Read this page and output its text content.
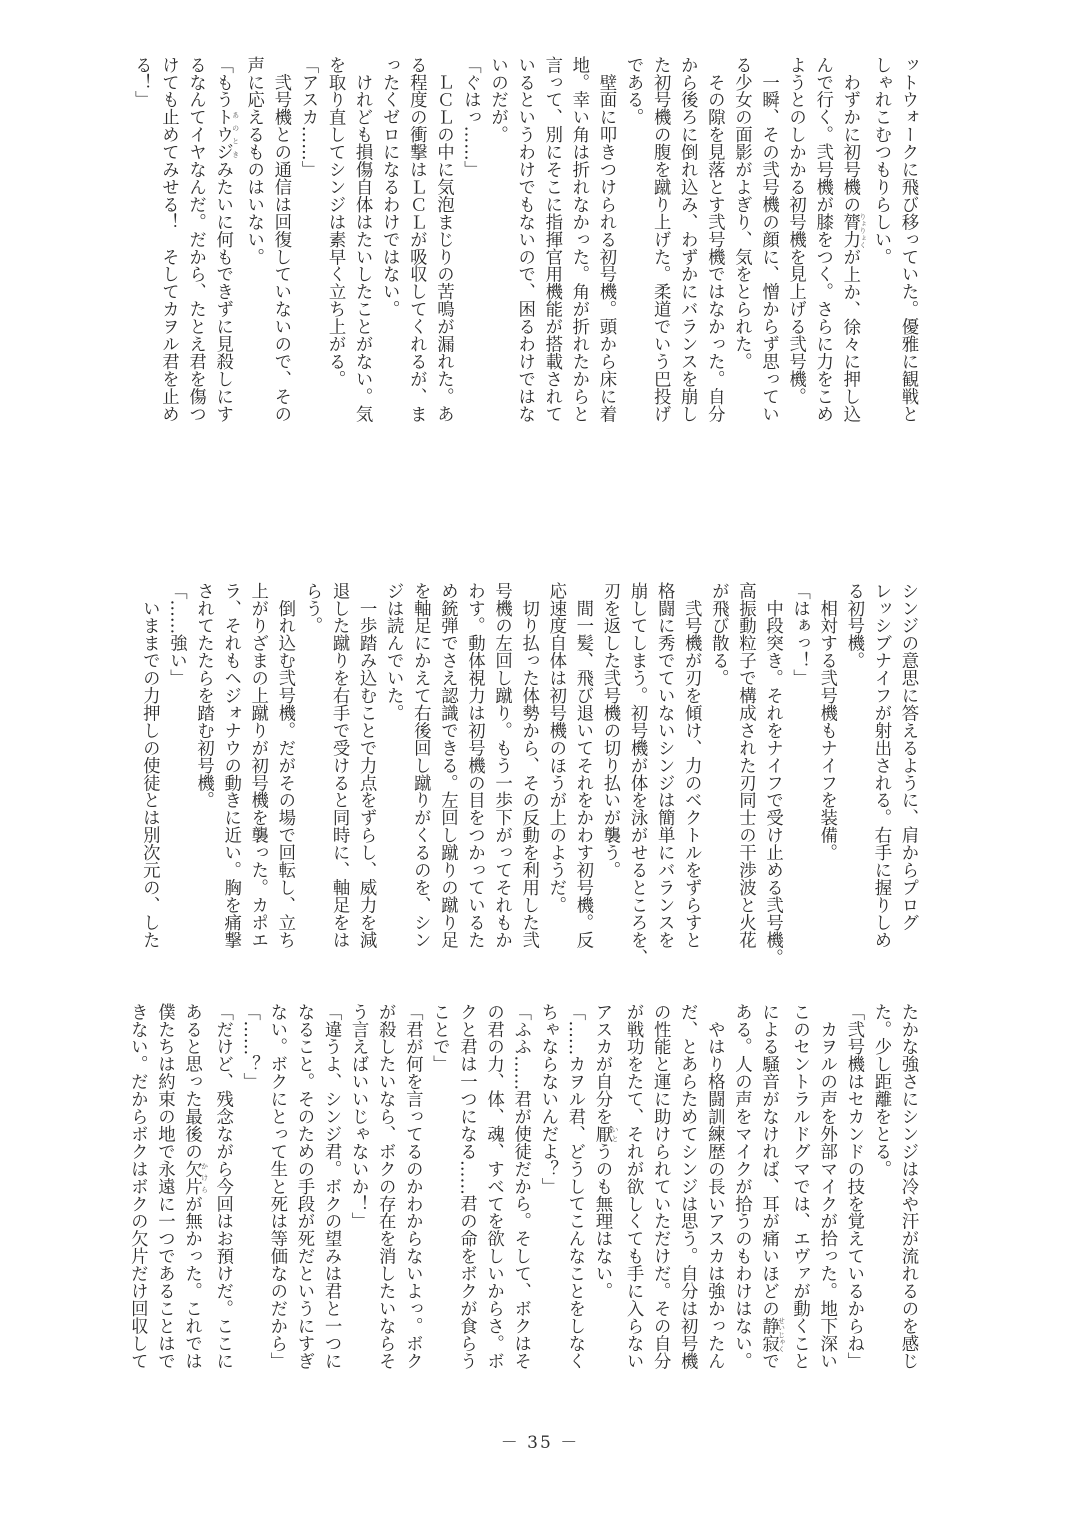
ットウォークに飛び移っていた。優雅に観戦と
しゃれこむつもりらしい。
　わずかに初号機の膂力 りょりょくが上か、徐々に押し込
んで行く。弐号機が膝をつく。さらに力をこめ
ようとのしかかる初号機を見上げる弐号機。
　一瞬、その弐号機の顔に、憎からず思ってい
る少女の面影がよぎり、気をとられた。
　その隙を見落とす弐号機ではなかった。自分
から後ろに倒れ込み、わずかにバランスを崩し
た初号機の腹を蹴り上げた。柔道でいう巴投げ
である。
　壁面に叩きつけられる初号機。頭から床に着
地。幸い角は折れなかった。角が折れたからと
言って、別にそこに指揮官用機能が搭載されて
いるというわけでもないので、困るわけではな
いのだが。
「ぐはっ……」
　ＬＣＬの中に気泡まじりの苦鳴が漏れた。あ
る程度の衝撃はＬＣＬが吸収してくれるが、ま
ったくゼロになるわけではない。
　けれども損傷自体はたいしたことがない。気
を取り直してシンジは素早く立ち上がる。
「アスカ……」
　弐号機との通信は回復していないので、その
声に応えるものはいない。
「もうトウジ あのときみたいに何もできずに見殺しにす
るなんてイヤなんだ。だから、たとえ君を傷つ
けても止めてみせる！　そしてカヲル君を止め
る！」
シンジの意思に答えるように、肩からプログ
レッシブナイフが射出される。右手に握りしめ
る初号機。
　相対する弐号機もナイフを装備。
「はぁっ！」
　中段突き。それをナイフで受け止める弐号機。
高振動粒子で構成された刃同士の干渉波と火花
が飛び散る。
　弐号機が刃を傾け、力のベクトルをずらすと
格闘に秀でていないシンジは簡単にバランスを
崩してしまう。初号機が体を泳がせるところを、
刃を返した弐号機の切り払いが襲う。
　間一髪、飛び退いてそれをかわす初号機。反
応速度自体は初号機のほうが上のようだ。
　切り払った体勢から、その反動を利用した弐
号機の左回し蹴り。もう一歩下がってそれもか
わす。動体視力は初号機の目をつかっているた
め銃弾でさえ認識できる。左回し蹴りの蹴り足
を軸足にかえて右後回し蹴りがくるのを、シン
ジは読んでいた。
　一歩踏み込むことで力点をずらし、威力を減
退した蹴りを右手で受けると同時に、軸足をは
らう。
　倒れ込む弐号機。だがその場で回転し、立ち
上がりざまの上蹴りが初号機を襲った。カポエ
ラ、それもヘジォナウの動きに近い。胸を痛撃
されてたたらを踏む初号機。
「……強い」
　いままでの力押しの使徒とは別次元の、した
たかな強さにシンジは冷や汗が流れるのを感じ
た。少し距離をとる。
「弐号機はセカンドの技を覚えているからね」
　カヲルの声を外部マイクが拾った。地下深い
このセントラルドグマでは、エヴァが動くこと
による騒音がなければ、耳が痛いほどの静寂 せいじゃくで
ある。人の声をマイクが拾うのもわけはない。
　やはり格闘訓練歴の長いアスカは強かったん
だ、とあらためてシンジは思う。自分は初号機
の性能と運に助けられていただけだ。その自分
が戦功をたて、それが欲しくても手に入らない
アスカが自分を厭 いとうのも無理はない。
「……カヲル君、どうしてこんなことをしなく
ちゃならないんだよ？」
「ふふ……君が使徒だから。そして、ボクはそ
の君の力、体、魂、すべてを欲しいからさ。ボ
クと君は一つになる……君の命をボクが食らう
ことで」
「君が何を言ってるのかわからないよっ。ボク
が殺したいなら、ボクの存在を消したいならそ
う言えばいいじゃないか！」
「違うよ、シンジ君。ボクの望みは君と一つに
なること。そのための手段が死だというにすぎ
ない。ボクにとって生と死は等価なのだから」
「……？」
「だけど、残念ながら今回はお預けだ。ここに
あると思った最後の欠片 かけらが無かった。これでは
僕たちは約束の地で永遠に一つであることはで
きない。だからボクはボクの欠片だけ回収して
－ 35 －
